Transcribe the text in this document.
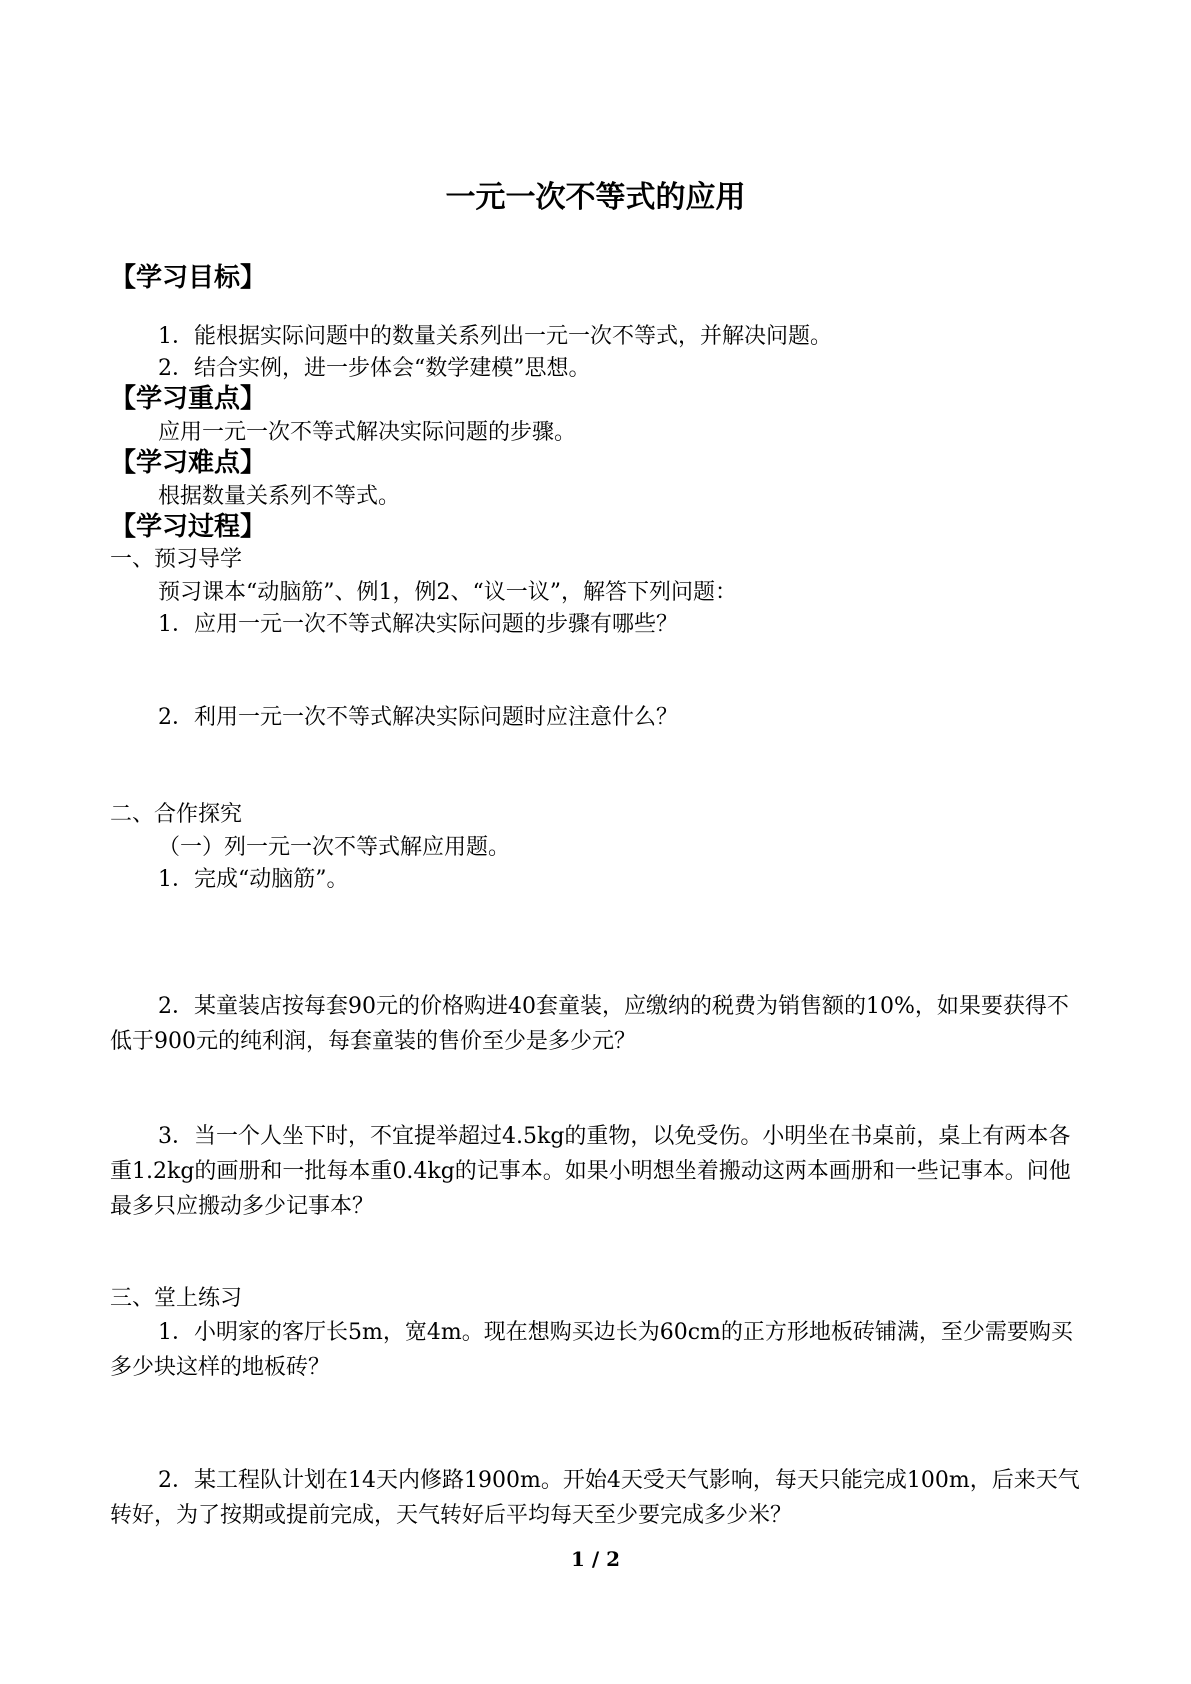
一元一次不等式的应用
【学习目标】
1．能根据实际问题中的数量关系列出一元一次不等式，并解决问题。
2．结合实例，进一步体会“数学建模”思想。
【学习重点】
应用一元一次不等式解决实际问题的步骤。
【学习难点】
根据数量关系列不等式。
【学习过程】
一、预习导学
预习课本“动脑筋”、例1，例2、“议一议”，解答下列问题：
1．应用一元一次不等式解决实际问题的步骤有哪些？
2．利用一元一次不等式解决实际问题时应注意什么？
二、合作探究
（一）列一元一次不等式解应用题。
1．完成“动脑筋”。
2．某童装店按每套90元的价格购进40套童装，应缴纳的税费为销售额的10%，如果要获得不低于900元的纯利润，每套童装的售价至少是多少元？
3．当一个人坐下时，不宜提举超过4.5kg的重物，以免受伤。小明坐在书桌前，桌上有两本各重1.2kg的画册和一批每本重0.4kg的记事本。如果小明想坐着搬动这两本画册和一些记事本。问他最多只应搬动多少记事本？
三、堂上练习
1．小明家的客厅长5m，宽4m。现在想购买边长为60cm的正方形地板砖铺满，至少需要购买多少块这样的地板砖？
2．某工程队计划在14天内修路1900m。开始4天受天气影响，每天只能完成100m，后来天气转好，为了按期或提前完成，天气转好后平均每天至少要完成多少米？
1 / 2
